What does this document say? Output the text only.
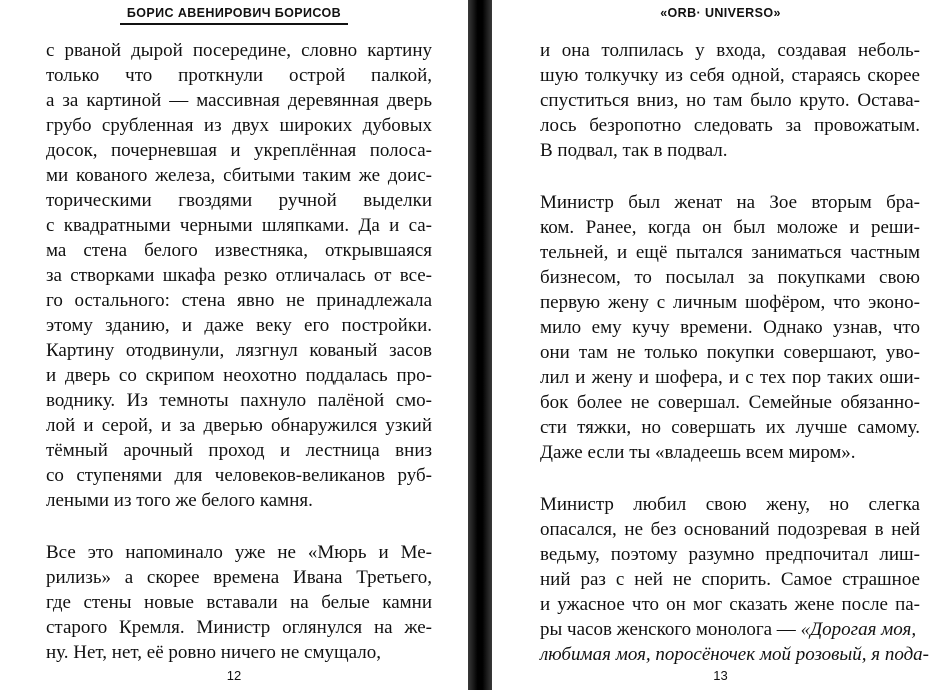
БОРИС АВЕНИРОВИЧ БОРИСОВ
с рваной дырой посередине, словно картину
только что проткнули острой палкой,
а за картиной — массивная деревянная дверь
грубо срубленная из двух широких дубовых
досок, почерневшая и укреплённая полоса-
ми кованого железа, сбитыми таким же доис-
торическими гвоздями ручной выделки
с квадратными черными шляпками. Да и са-
ма стена белого известняка, открывшаяся
за створками шкафа резко отличалась от все-
го остального: стена явно не принадлежала
этому зданию, и даже веку его постройки.
Картину отодвинули, лязгнул кованый засов
и дверь со скрипом неохотно поддалась про-
воднику. Из темноты пахнуло палёной смо-
лой и серой, и за дверью обнаружился узкий
тёмный арочный проход и лестница вниз
со ступенями для человеков-великанов руб-
леными из того же белого камня.
Все это напоминало уже не «Мюрь и Ме-
рилизь» а скорее времена Ивана Третьего,
где стены новые вставали на белые камни
старого Кремля. Министр оглянулся на же-
ну. Нет, нет, её ровно ничего не смущало,
12
«ORB· UNIVERSO»
и она толпилась у входа, создавая неболь-
шую толкучку из себя одной, стараясь скорее
спуститься вниз, но там было круто. Остава-
лось безропотно следовать за провожатым.
В подвал, так в подвал.
Министр был женат на Зое вторым бра-
ком. Ранее, когда он был моложе и реши-
тельней, и ещё пытался заниматься частным
бизнесом, то посылал за покупками свою
первую жену с личным шофёром, что эконо-
мило ему кучу времени. Однако узнав, что
они там не только покупки совершают, уво-
лил и жену и шофера, и с тех пор таких оши-
бок более не совершал. Семейные обязанно-
сти тяжки, но совершать их лучше самому.
Даже если ты «владеешь всем миром».
Министр любил свою жену, но слегка
опасался, не без оснований подозревая в ней
ведьму, поэтому разумно предпочитал лиш-
ний раз с ней не спорить. Самое страшное
и ужасное что он мог сказать жене после па-
ры часов женского монолога — «Дорогая моя,
любимая моя, поросёночек мой розовый, я пода-
13
